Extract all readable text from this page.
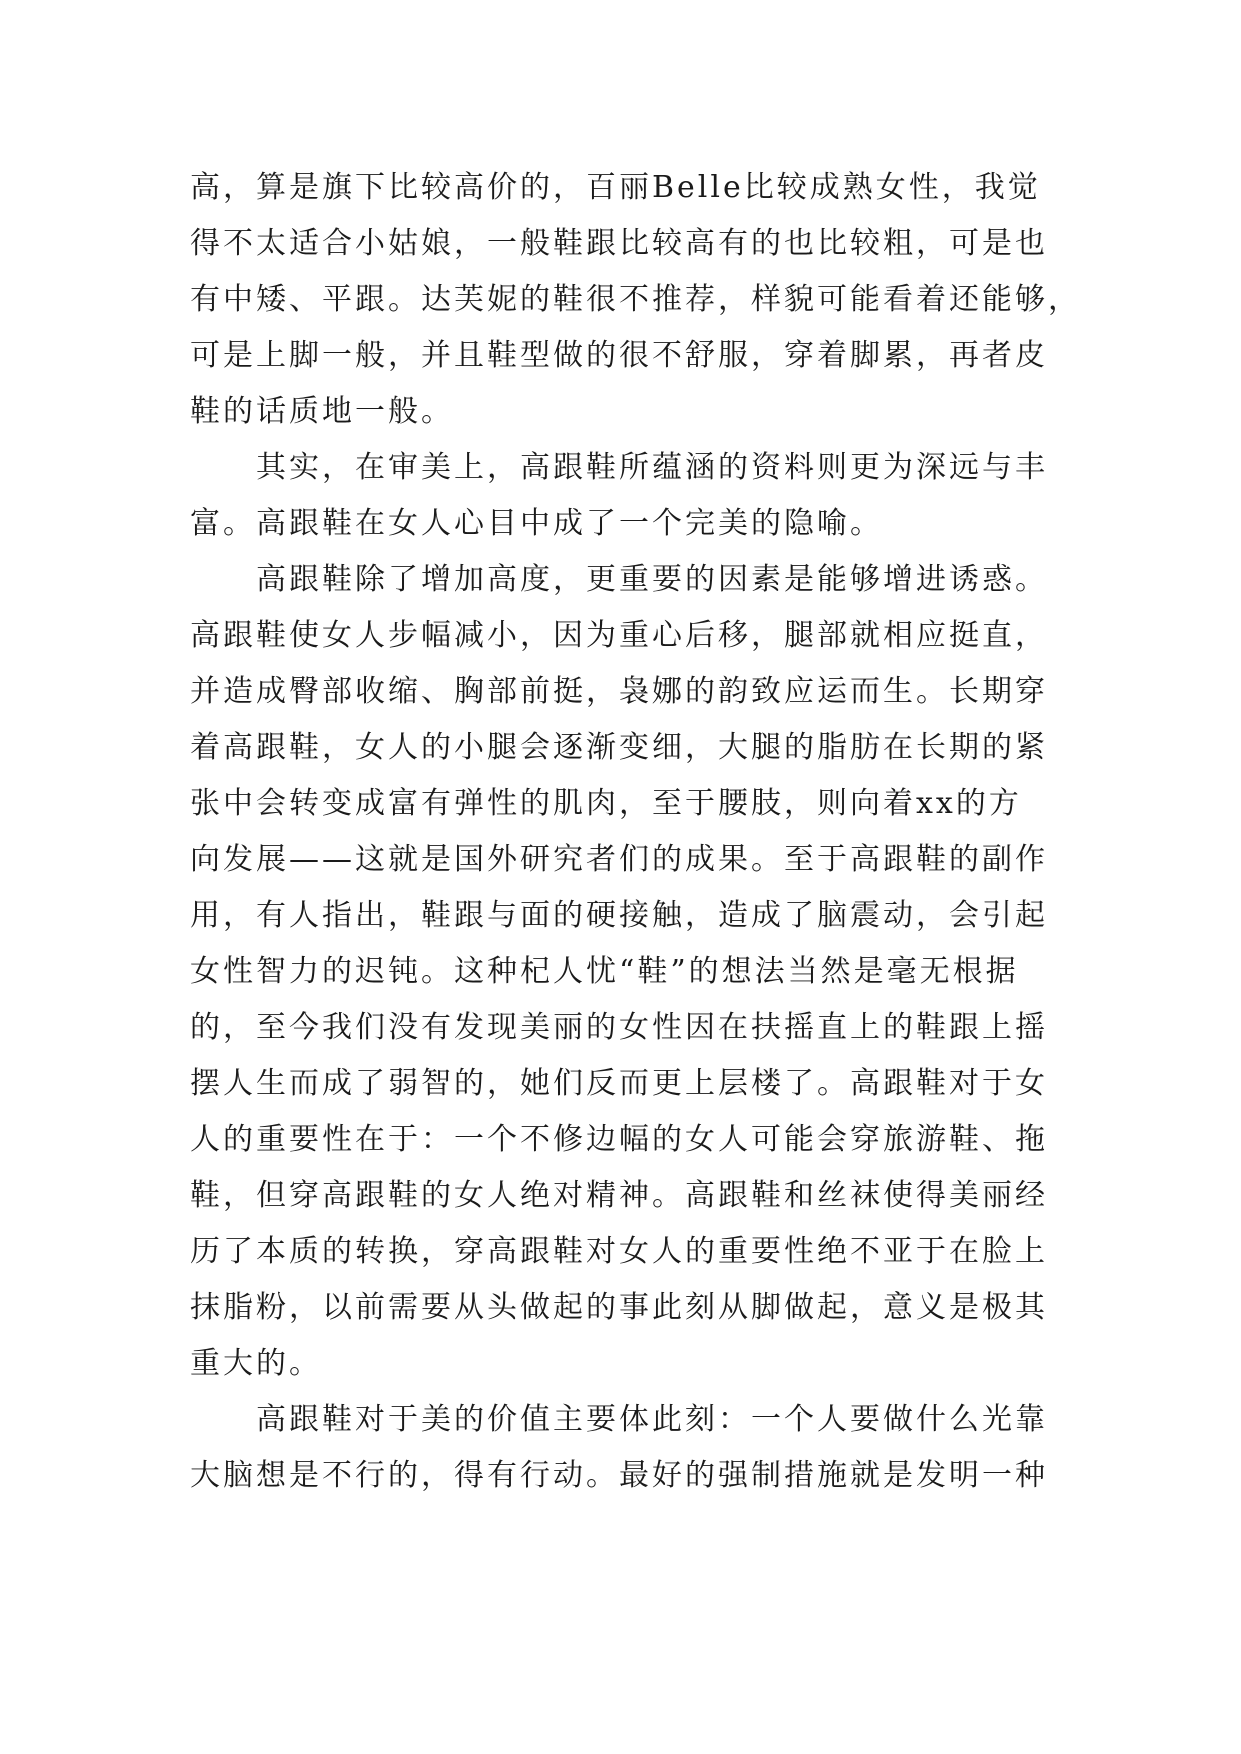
高，算是旗下比较高价的，百丽Belle比较成熟女性，我觉
得不太适合小姑娘，一般鞋跟比较高有的也比较粗，可是也
有中矮、平跟。达芙妮的鞋很不推荐，样貌可能看着还能够，
可是上脚一般，并且鞋型做的很不舒服，穿着脚累，再者皮
鞋的话质地一般。
其实，在审美上，高跟鞋所蕴涵的资料则更为深远与丰
富。高跟鞋在女人心目中成了一个完美的隐喻。
高跟鞋除了增加高度，更重要的因素是能够增进诱惑。
高跟鞋使女人步幅减小，因为重心后移，腿部就相应挺直，
并造成臀部收缩、胸部前挺，袅娜的韵致应运而生。长期穿
着高跟鞋，女人的小腿会逐渐变细，大腿的脂肪在长期的紧
张中会转变成富有弹性的肌肉，至于腰肢，则向着xx的方
向发展——这就是国外研究者们的成果。至于高跟鞋的副作
用，有人指出，鞋跟与面的硬接触，造成了脑震动，会引起
女性智力的迟钝。这种杞人忧“鞋”的想法当然是毫无根据
的，至今我们没有发现美丽的女性因在扶摇直上的鞋跟上摇
摆人生而成了弱智的，她们反而更上层楼了。高跟鞋对于女
人的重要性在于：一个不修边幅的女人可能会穿旅游鞋、拖
鞋，但穿高跟鞋的女人绝对精神。高跟鞋和丝袜使得美丽经
历了本质的转换，穿高跟鞋对女人的重要性绝不亚于在脸上
抹脂粉，以前需要从头做起的事此刻从脚做起，意义是极其
重大的。
高跟鞋对于美的价值主要体此刻：一个人要做什么光靠
大脑想是不行的，得有行动。最好的强制措施就是发明一种
